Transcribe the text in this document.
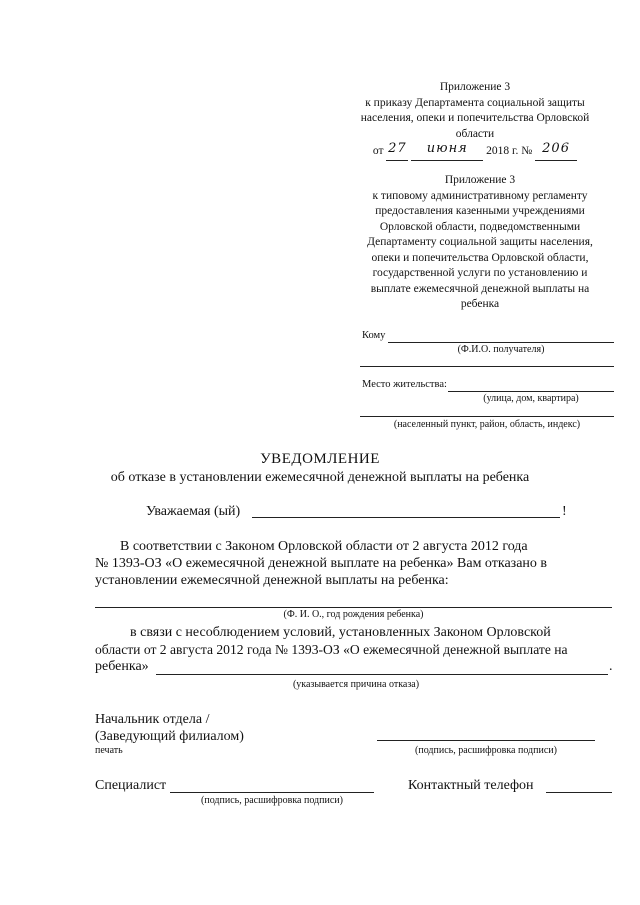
Приложение 3
к приказу Департамента социальной защиты
населения, опеки и попечительства Орловской
области
от 27 июня 2018 г. № 206
Приложение 3
к типовому административному регламенту
предоставления казенными учреждениями
Орловской области, подведомственными
Департаменту социальной защиты населения,
опеки и попечительства Орловской области,
государственной услуги по установлению и
выплате ежемесячной денежной выплаты на
ребенка
Кому
(Ф.И.О. получателя)
Место жительства:
(улица, дом, квартира)
(населенный пункт, район, область, индекс)
УВЕДОМЛЕНИЕ
об отказе в установлении ежемесячной денежной выплаты на ребенка
Уважаемая (ый)	!
В соответствии с Законом Орловской области от 2 августа 2012 года
№ 1393-ОЗ «О ежемесячной денежной выплате на ребенка» Вам отказано в
установлении ежемесячной денежной выплаты на ребенка:
(Ф. И. О., год рождения ребенка)
в связи с несоблюдением условий, установленных Законом Орловской
области от 2 августа 2012 года № 1393-ОЗ «О ежемесячной денежной выплате на
ребенка»	.
(указывается причина отказа)
Начальник отдела /
(Заведующий филиалом)
печать	(подпись, расшифровка подписи)
Специалист
(подпись, расшифровка подписи)
Контактный телефон
